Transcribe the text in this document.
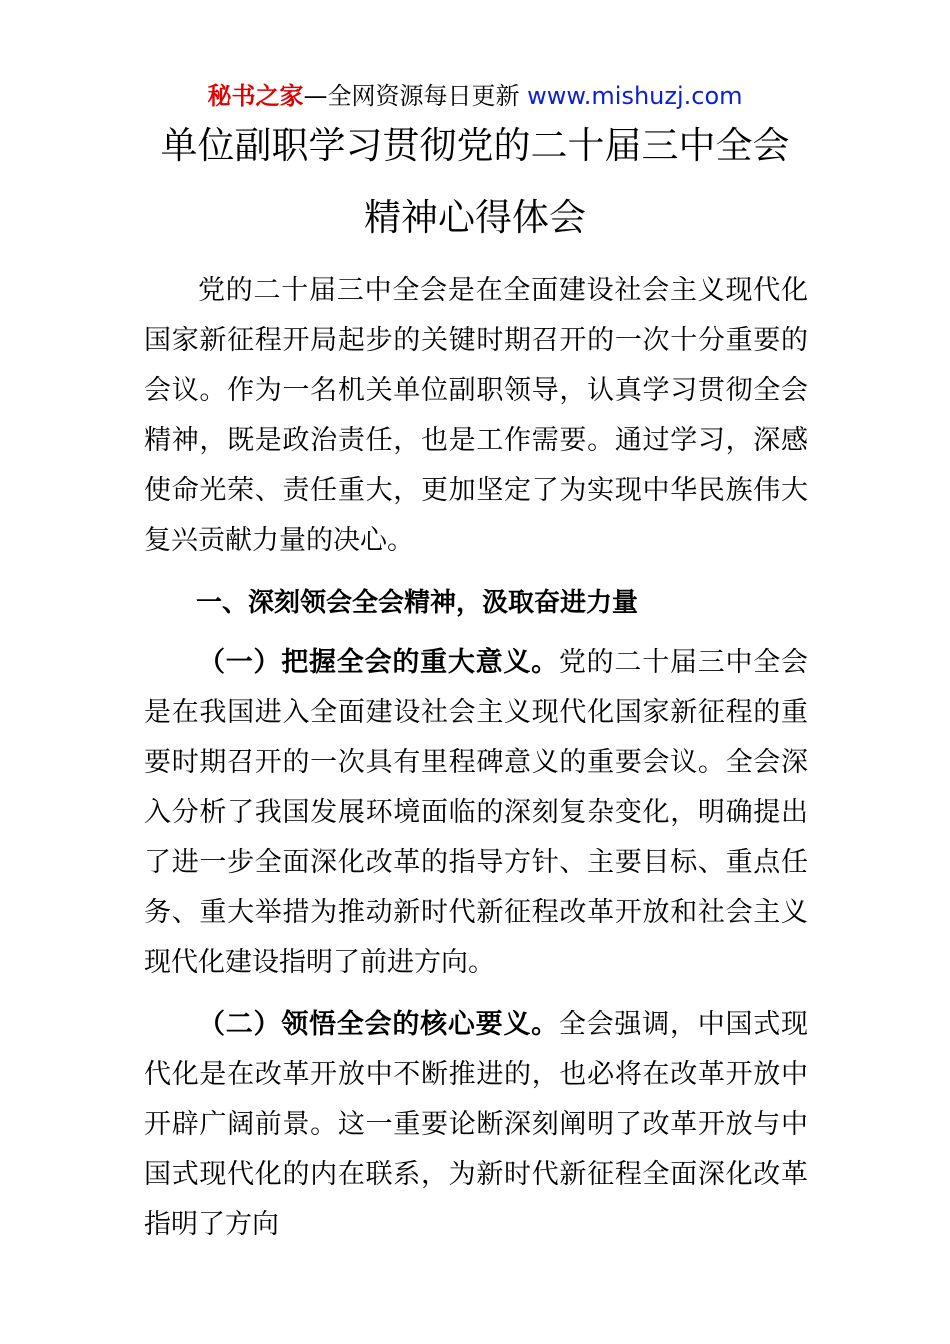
秘书之家—全网资源每日更新 www.mishuzj.com
单位副职学习贯彻党的二十届三中全会
精神心得体会

党的二十届三中全会是在全面建设社会主义现代化国家新征程开局起步的关键时期召开的一次十分重要的会议。作为一名机关单位副职领导，认真学习贯彻全会精神，既是政治责任，也是工作需要。通过学习，深感使命光荣、责任重大，更加坚定了为实现中华民族伟大复兴贡献力量的决心。

一、深刻领会全会精神，汲取奋进力量

（一）把握全会的重大意义。党的二十届三中全会是在我国进入全面建设社会主义现代化国家新征程的重要时期召开的一次具有里程碑意义的重要会议。全会深入分析了我国发展环境面临的深刻复杂变化，明确提出了进一步全面深化改革的指导方针、主要目标、重点任务、重大举措为推动新时代新征程改革开放和社会主义现代化建设指明了前进方向。

（二）领悟全会的核心要义。全会强调，中国式现代化是在改革开放中不断推进的，也必将在改革开放中开辟广阔前景。这一重要论断深刻阐明了改革开放与中国式现代化的内在联系，为新时代新征程全面深化改革指明了方向
